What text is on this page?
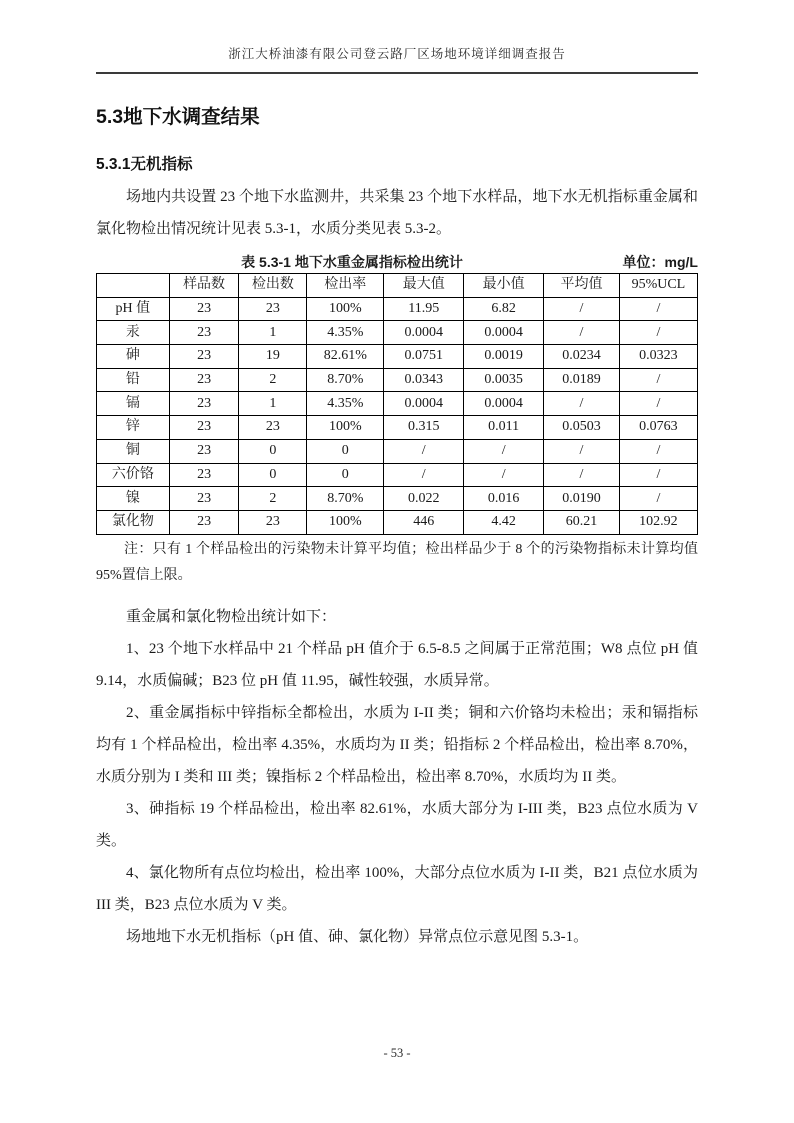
浙江大桥油漆有限公司登云路厂区场地环境详细调查报告
5.3地下水调查结果
5.3.1无机指标

场地内共设置 23 个地下水监测井，共采集 23 个地下水样品，地下水无机指标重金属和氯化物检出情况统计见表 5.3-1，水质分类见表 5.3-2。

表 5.3-1 地下水重金属指标检出统计	单位：mg/L
	样品数	检出数	检出率	最大值	最小值	平均值	95%UCL
pH 值	23	23	100%	11.95	6.82	/	/
汞	23	1	4.35%	0.0004	0.0004	/	/
砷	23	19	82.61%	0.0751	0.0019	0.0234	0.0323
铅	23	2	8.70%	0.0343	0.0035	0.0189	/
镉	23	1	4.35%	0.0004	0.0004	/	/
锌	23	23	100%	0.315	0.011	0.0503	0.0763
铜	23	0	0	/	/	/	/
六价铬	23	0	0	/	/	/	/
镍	23	2	8.70%	0.022	0.016	0.0190	/
氯化物	23	23	100%	446	4.42	60.21	102.92

注：只有 1 个样品检出的污染物未计算平均值；检出样品少于 8 个的污染物指标未计算均值 95%置信上限。

重金属和氯化物检出统计如下：

1、23 个地下水样品中 21 个样品 pH 值介于 6.5-8.5 之间属于正常范围；W8 点位 pH 值 9.14，水质偏碱；B23 位 pH 值 11.95，碱性较强，水质异常。

2、重金属指标中锌指标全都检出，水质为 I-II 类；铜和六价铬均未检出；汞和镉指标均有 1 个样品检出，检出率 4.35%，水质均为 II 类；铅指标 2 个样品检出，检出率 8.70%，水质分别为 I 类和 III 类；镍指标 2 个样品检出，检出率 8.70%，水质均为 II 类。

3、砷指标 19 个样品检出，检出率 82.61%，水质大部分为 I-III 类，B23 点位水质为 V 类。

4、氯化物所有点位均检出，检出率 100%，大部分点位水质为 I-II 类，B21 点位水质为 III 类，B23 点位水质为 V 类。

场地地下水无机指标（pH 值、砷、氯化物）异常点位示意见图 5.3-1。

- 53 -
